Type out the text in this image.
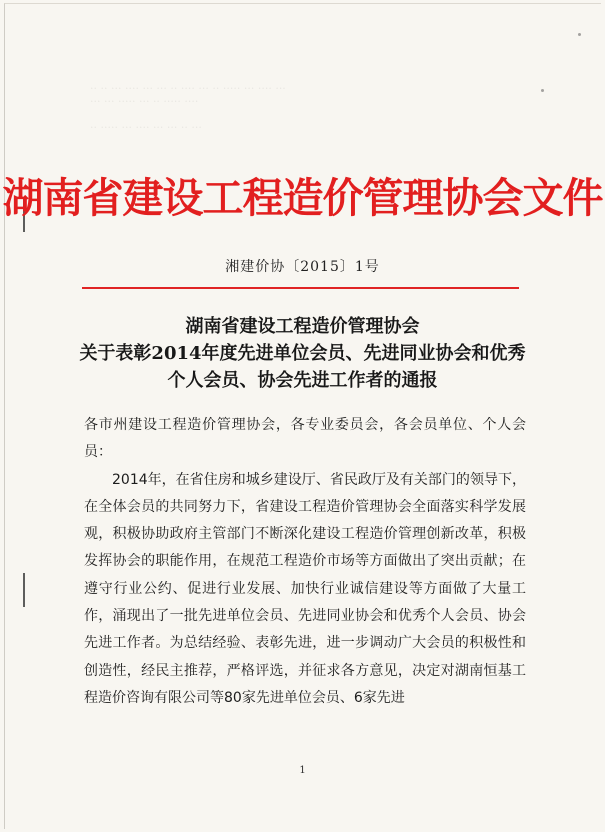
·· ·· ··· ···· ··· ··· ·· ···· ··· ·· ····· ··· ···· ···
··· ··· ····· ··· ·· ····· ····

·· ····· ··· ···· ··· ··· ·· ···
湖南省建设工程造价管理协会文件
湘建价协〔2015〕1号
湖南省建设工程造价管理协会
关于表彰2014年度先进单位会员、先进同业协会和优秀
个人会员、协会先进工作者的通报

各市州建设工程造价管理协会，各专业委员会，各会员单位、个人会员：

2014年，在省住房和城乡建设厅、省民政厅及有关部门的领导下，在全体会员的共同努力下，省建设工程造价管理协会全面落实科学发展观，积极协助政府主管部门不断深化建设工程造价管理创新改革，积极发挥协会的职能作用，在规范工程造价市场等方面做出了突出贡献；在遵守行业公约、促进行业发展、加快行业诚信建设等方面做了大量工作，涌现出了一批先进单位会员、先进同业协会和优秀个人会员、协会先进工作者。为总结经验、表彰先进，进一步调动广大会员的积极性和创造性，经民主推荐，严格评选，并征求各方意见，决定对湖南恒基工程造价咨询有限公司等80家先进单位会员、6家先进

1
